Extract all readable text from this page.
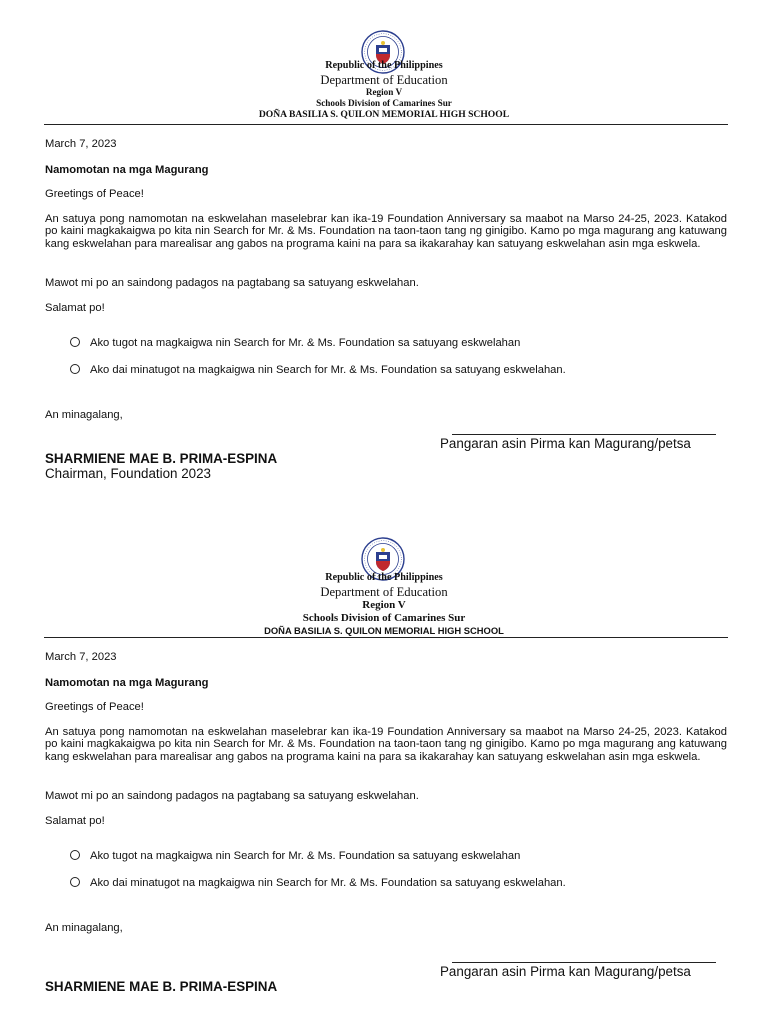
Republic of the Philippines
Department of Education
Region V
Schools Division of Camarines Sur
DOÑA BASILIA S. QUILON MEMORIAL HIGH SCHOOL
March 7, 2023
Namomotan na mga Magurang
Greetings of Peace!
An satuya pong namomotan na eskwelahan maselebrar kan ika-19 Foundation Anniversary sa maabot na Marso 24-25, 2023. Katakod po kaini magkakaigwa po kita nin Search for Mr. & Ms. Foundation na taon-taon tang ng ginigibo. Kamo po mga magurang ang katuwang kang eskwelahan para marealisar ang gabos na programa kaini na para sa ikakarahay kan satuyang eskwelahan asin mga eskwela.
Mawot mi po an saindong padagos na pagtabang sa satuyang eskwelahan.
Salamat po!
Ako tugot na magkaigwa nin Search for Mr. & Ms. Foundation sa satuyang eskwelahan
Ako dai minatugot na magkaigwa nin Search for Mr. & Ms. Foundation sa satuyang eskwelahan.
An minagalang,
Pangaran asin Pirma kan Magurang/petsa
SHARMIENE MAE B. PRIMA-ESPINA
Chairman, Foundation 2023
Republic of the Philippines
Department of Education
Region V
Schools Division of Camarines Sur
DOÑA BASILIA S. QUILON MEMORIAL HIGH SCHOOL
March 7, 2023
Namomotan na mga Magurang
Greetings of Peace!
An satuya pong namomotan na eskwelahan maselebrar kan ika-19 Foundation Anniversary sa maabot na Marso 24-25, 2023. Katakod po kaini magkakaigwa po kita nin Search for Mr. & Ms. Foundation na taon-taon tang ng ginigibo. Kamo po mga magurang ang katuwang kang eskwelahan para marealisar ang gabos na programa kaini na para sa ikakarahay kan satuyang eskwelahan asin mga eskwela.
Mawot mi po an saindong padagos na pagtabang sa satuyang eskwelahan.
Salamat po!
Ako tugot na magkaigwa nin Search for Mr. & Ms. Foundation sa satuyang eskwelahan
Ako dai minatugot na magkaigwa nin Search for Mr. & Ms. Foundation sa satuyang eskwelahan.
An minagalang,
Pangaran asin Pirma kan Magurang/petsa
SHARMIENE MAE B. PRIMA-ESPINA
